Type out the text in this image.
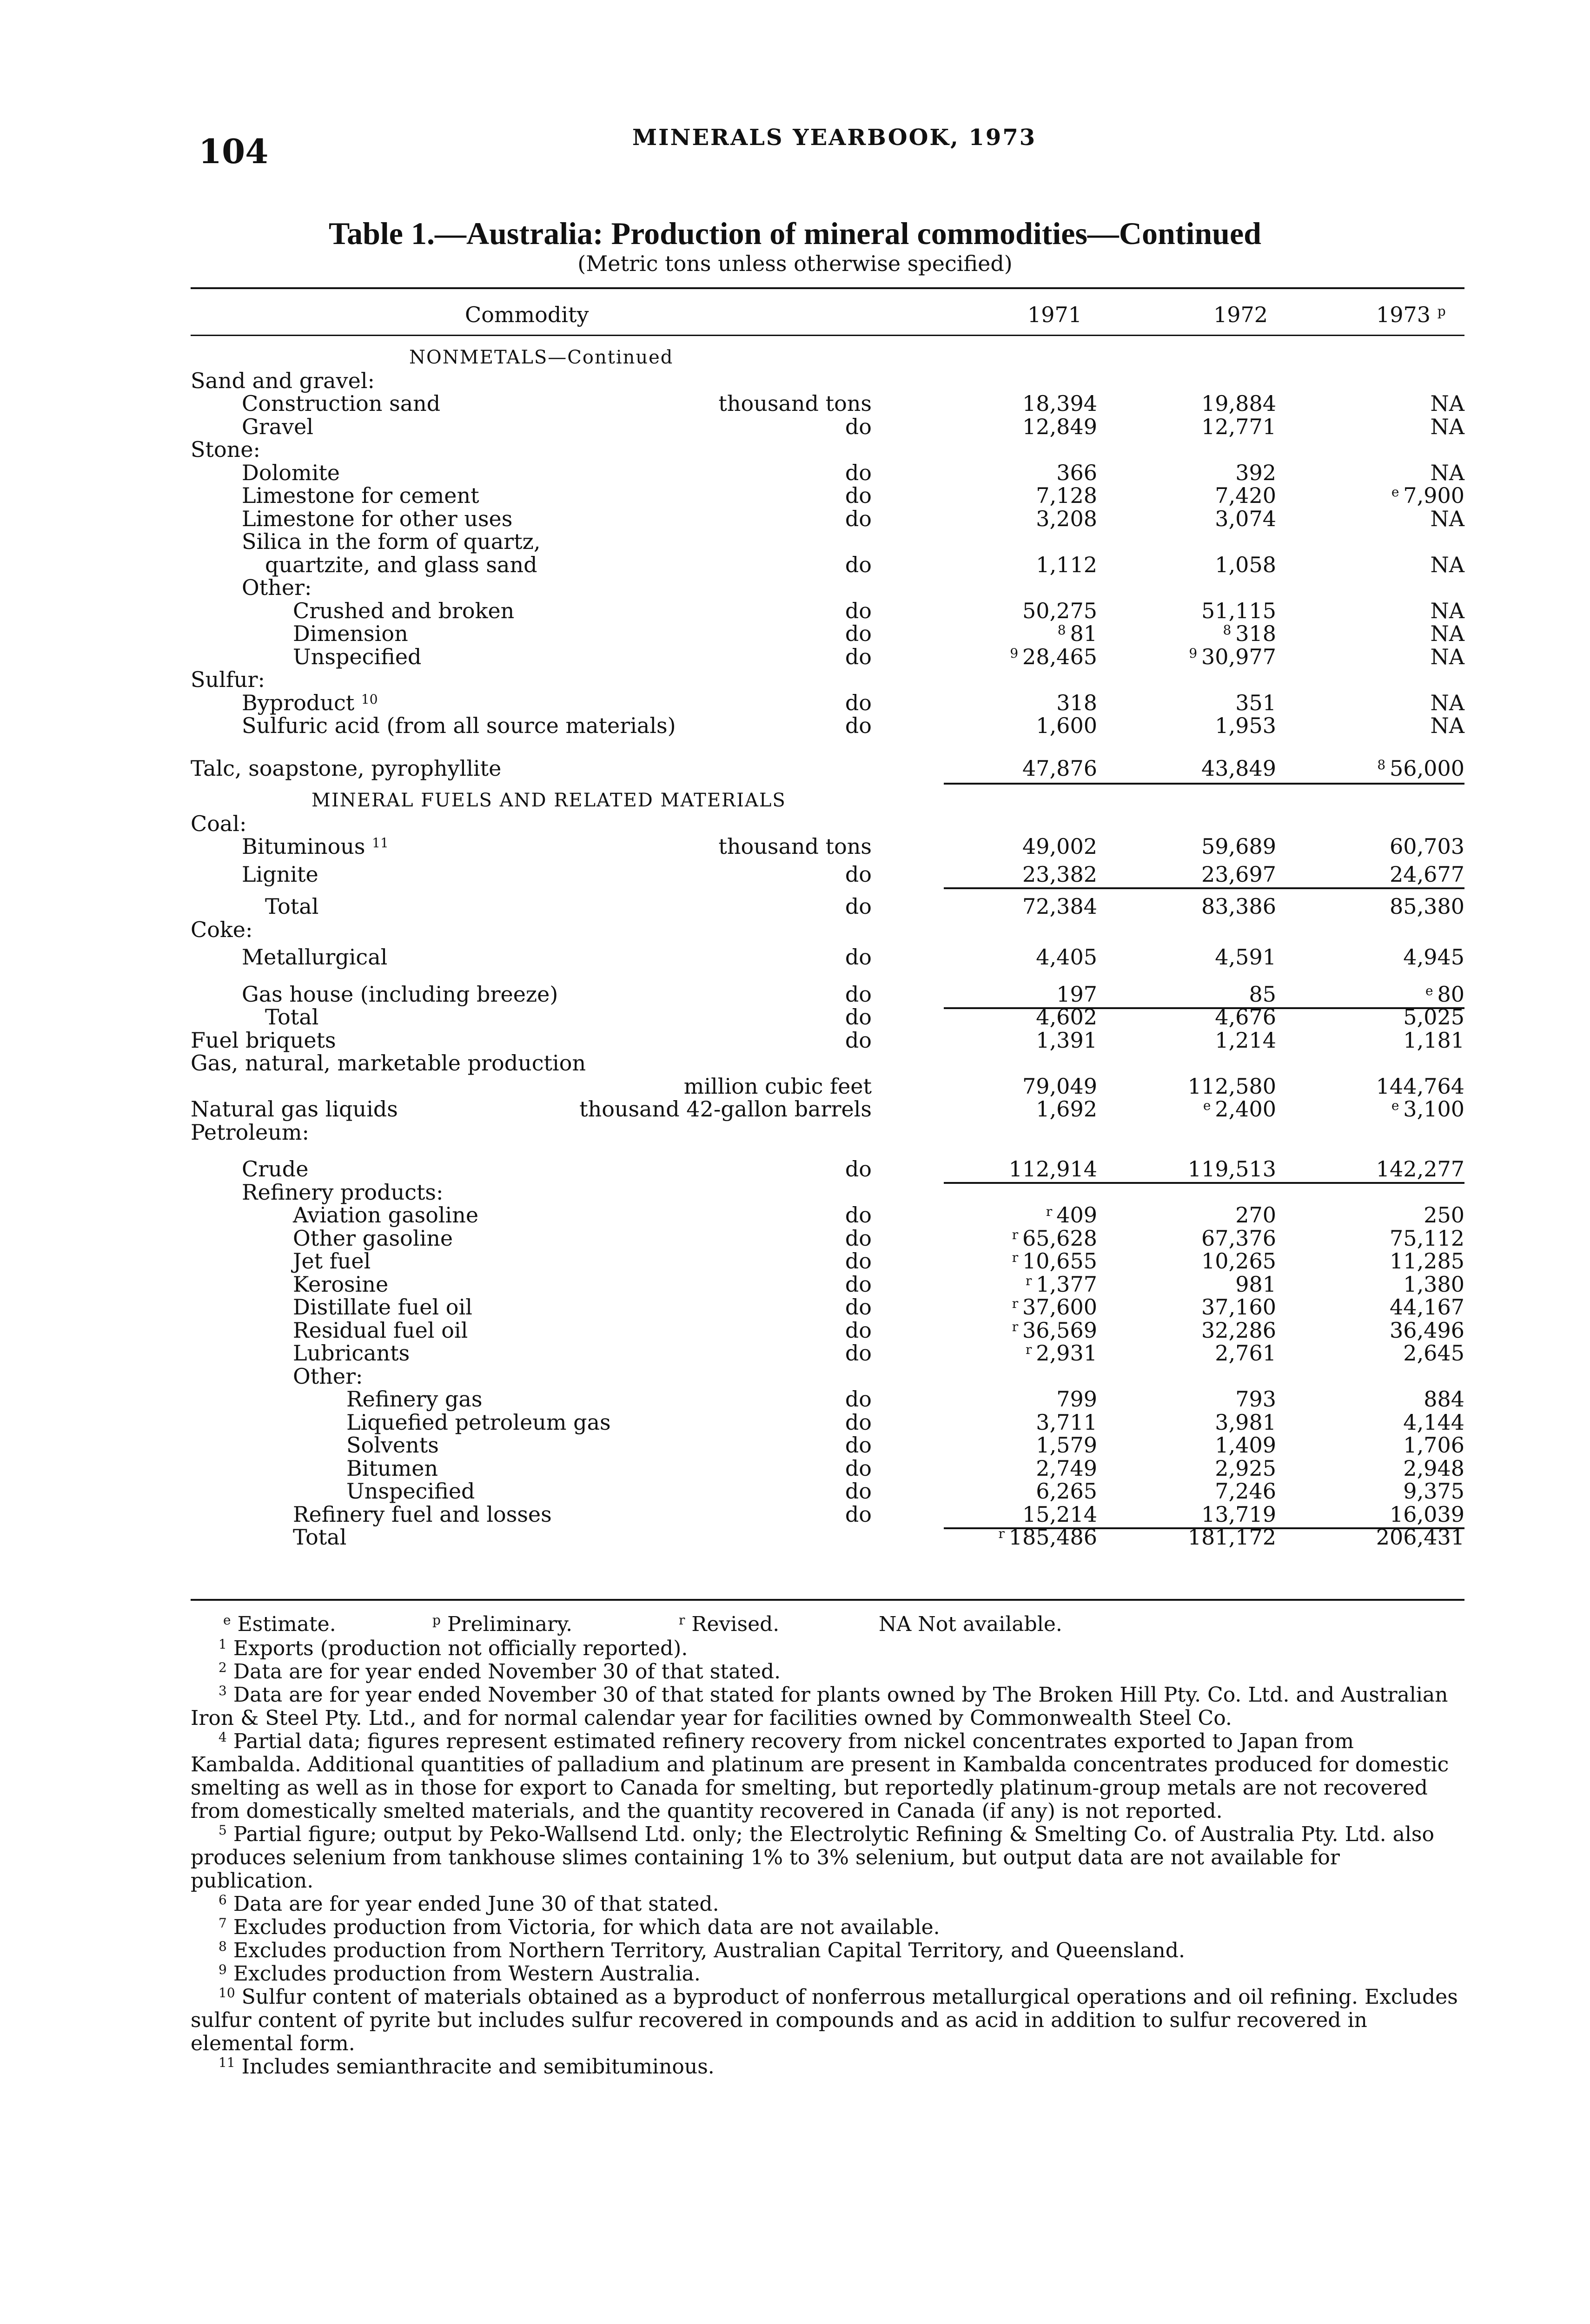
104	MINERALS YEARBOOK, 1973
Table 1.—Australia: Production of mineral commodities—Continued
(Metric tons unless otherwise specified)
Commodity	1971	1972	1973 $^p$
NONMETALS—Continued
Sand and gravel:
Construction sand	thousand tons	18,394	19,884	NA
Gravel	do	12,849	12,771	NA
Stone:
Dolomite	do	366	392	NA
Limestone for cement	do	7,128	7,420	$^e$ 7,900
Limestone for other uses	do	3,208	3,074	NA
Silica in the form of quartz,
quartzite, and glass sand	do	1,112	1,058	NA
Other:
Crushed and broken	do	50,275	51,115	NA
Dimension	do	$^8$ 81	$^8$ 318	NA
Unspecified	do	$^9$ 28,465	$^9$ 30,977	NA
Sulfur:
Byproduct $^{10}$	do	318	351	NA
Sulfuric acid (from all source materials)	do	1,600	1,953	NA
Talc, soapstone, pyrophyllite	47,876	43,849	$^8$ 56,000
MINERAL FUELS AND RELATED MATERIALS
Coal:
Bituminous $^{11}$	thousand tons	49,002	59,689	60,703
Lignite	do	23,382	23,697	24,677
Total	do	72,384	83,386	85,380
Coke:
Metallurgical	do	4,405	4,591	4,945
Gas house (including breeze)	do	197	85	$^e$ 80
Total	do	4,602	4,676	5,025
Fuel briquets	do	1,391	1,214	1,181
Gas, natural, marketable production
million cubic feet	79,049	112,580	144,764
Natural gas liquids	thousand 42-gallon barrels	1,692	$^e$ 2,400	$^e$ 3,100
Petroleum:
Crude	do	112,914	119,513	142,277
Refinery products:
Aviation gasoline	do	$^r$ 409	270	250
Other gasoline	do	$^r$ 65,628	67,376	75,112
Jet fuel	do	$^r$ 10,655	10,265	11,285
Kerosine	do	$^r$ 1,377	981	1,380
Distillate fuel oil	do	$^r$ 37,600	37,160	44,167
Residual fuel oil	do	$^r$ 36,569	32,286	36,496
Lubricants	do	$^r$ 2,931	2,761	2,645
Other:
Refinery gas	do	799	793	884
Liquefied petroleum gas	do	3,711	3,981	4,144
Solvents	do	1,579	1,409	1,706
Bitumen	do	2,749	2,925	2,948
Unspecified	do	6,265	7,246	9,375
Refinery fuel and losses	do	15,214	13,719	16,039
Total	$^r$ 185,486	181,172	206,431
$^e$ Estimate.	$^p$ Preliminary.	$^r$ Revised.	NA Not available.
$^1$ Exports (production not officially reported).
$^2$ Data are for year ended November 30 of that stated.
$^3$ Data are for year ended November 30 of that stated for plants owned by The Broken Hill Pty. Co. Ltd. and Australian Iron & Steel Pty. Ltd., and for normal calendar year for facilities owned by Commonwealth Steel Co.
$^4$ Partial data; figures represent estimated refinery recovery from nickel concentrates exported to Japan from Kambalda. Additional quantities of palladium and platinum are present in Kambalda concentrates produced for domestic smelting as well as in those for export to Canada for smelting, but reportedly platinum-group metals are not recovered from domestically smelted materials, and the quantity recovered in Canada (if any) is not reported.
$^5$ Partial figure; output by Peko-Wallsend Ltd. only; the Electrolytic Refining & Smelting Co. of Australia Pty. Ltd. also produces selenium from tankhouse slimes containing 1% to 3% selenium, but output data are not available for publication.
$^6$ Data are for year ended June 30 of that stated.
$^7$ Excludes production from Victoria, for which data are not available.
$^8$ Excludes production from Northern Territory, Australian Capital Territory, and Queensland.
$^9$ Excludes production from Western Australia.
$^{10}$ Sulfur content of materials obtained as a byproduct of nonferrous metallurgical operations and oil refining. Excludes sulfur content of pyrite but includes sulfur recovered in compounds and as acid in addition to sulfur recovered in elemental form.
$^{11}$ Includes semianthracite and semibituminous.
